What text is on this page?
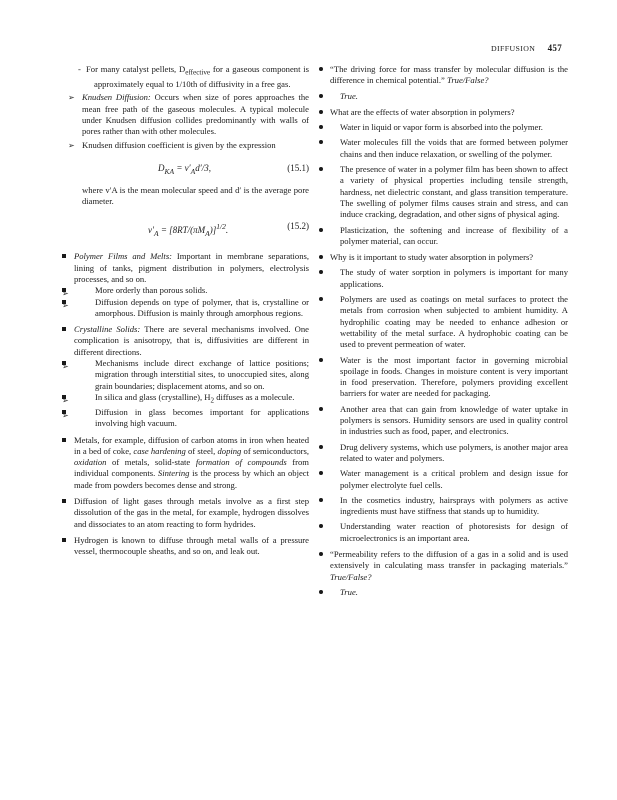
DIFFUSION 457
- For many catalyst pellets, $D_{effective}$ for a gaseous component is approximately equal to 1/10th of diffusivity in a free gas.
➢ Knudsen Diffusion: Occurs when size of pores approaches the mean free path of the gaseous molecules. A typical molecule under Knudsen diffusion collides predominantly with walls of pores rather than with other molecules.
➢ Knudsen diffusion coefficient is given by the expression
$D_{KA} = v'_Ad'/3$,	(15.1)

where v′A is the mean molecular speed and d′ is the average pore diameter.

$v'_A = [8RT/(\pi M_A)]^{1/2}$.	(15.2)
Polymer Films and Melts: Important in membrane separations, lining of tanks, pigment distribution in polymers, electrolysis processes, and so on.
➢	More orderly than porous solids.
➢	Diffusion depends on type of polymer, that is, crystalline or amorphous. Diffusion is mainly through amorphous regions.
Crystalline Solids: There are several mechanisms involved. One complication is anisotropy, that is, diffusivities are different in different directions.
➢	Mechanisms include direct exchange of lattice positions; migration through interstitial sites, to unoccupied sites, along grain boundaries; displacement atoms, and so on.
➢	In silica and glass (crystalline), $H_2$ diffuses as a molecule.
➢	Diffusion in glass becomes important for applications involving high vacuum.
Metals, for example, diffusion of carbon atoms in iron when heated in a bed of coke, case hardening of steel, doping of semiconductors, oxidation of metals, solid-state formation of compounds from individual components. Sintering is the process by which an object made from powders becomes dense and strong.
Diffusion of light gases through metals involve as a first step dissolution of the gas in the metal, for example, hydrogen dissolves and dissociates to an atom reacting to form hydrides.
Hydrogen is known to diffuse through metal walls of a pressure vessel, thermocouple sheaths, and so on, and leak out.
“The driving force for mass transfer by molecular diffusion is the difference in chemical potential.” True/False?
True.
What are the effects of water absorption in polymers?
Water in liquid or vapor form is absorbed into the polymer.
Water molecules fill the voids that are formed between polymer chains and then induce relaxation, or swelling of the polymer.
The presence of water in a polymer film has been shown to affect a variety of physical properties including tensile strength, hardness, net dielectric constant, and glass transition temperature. The swelling of polymer films causes strain and stress, and can induce cracking, degradation, and other signs of physical aging.
Plasticization, the softening and increase of flexibility of a polymer material, can occur.
Why is it important to study water absorption in polymers?
The study of water sorption in polymers is important for many applications.
Polymers are used as coatings on metal surfaces to protect the metals from corrosion when subjected to ambient humidity. A hydrophilic coating may be needed to enhance adhesion or wettability of the metal surface. A hydrophobic coating can be used to prevent permeation of water.
Water is the most important factor in governing microbial spoilage in foods. Changes in moisture content is very important in food preservation. Therefore, polymers providing excellent barriers for water are needed for packaging.
Another area that can gain from knowledge of water uptake in polymers is sensors. Humidity sensors are used in quality control in industries such as food, paper, and electronics.
Drug delivery systems, which use polymers, is another major area related to water and polymers.
Water management is a critical problem and design issue for polymer electrolyte fuel cells.
In the cosmetics industry, hairsprays with polymers as active ingredients must have stiffness that stands up to humidity.
Understanding water reaction of photoresists for design of microelectronics is an important area.
“Permeability refers to the diffusion of a gas in a solid and is used extensively in calculating mass transfer in packaging materials.” True/False?
True.
